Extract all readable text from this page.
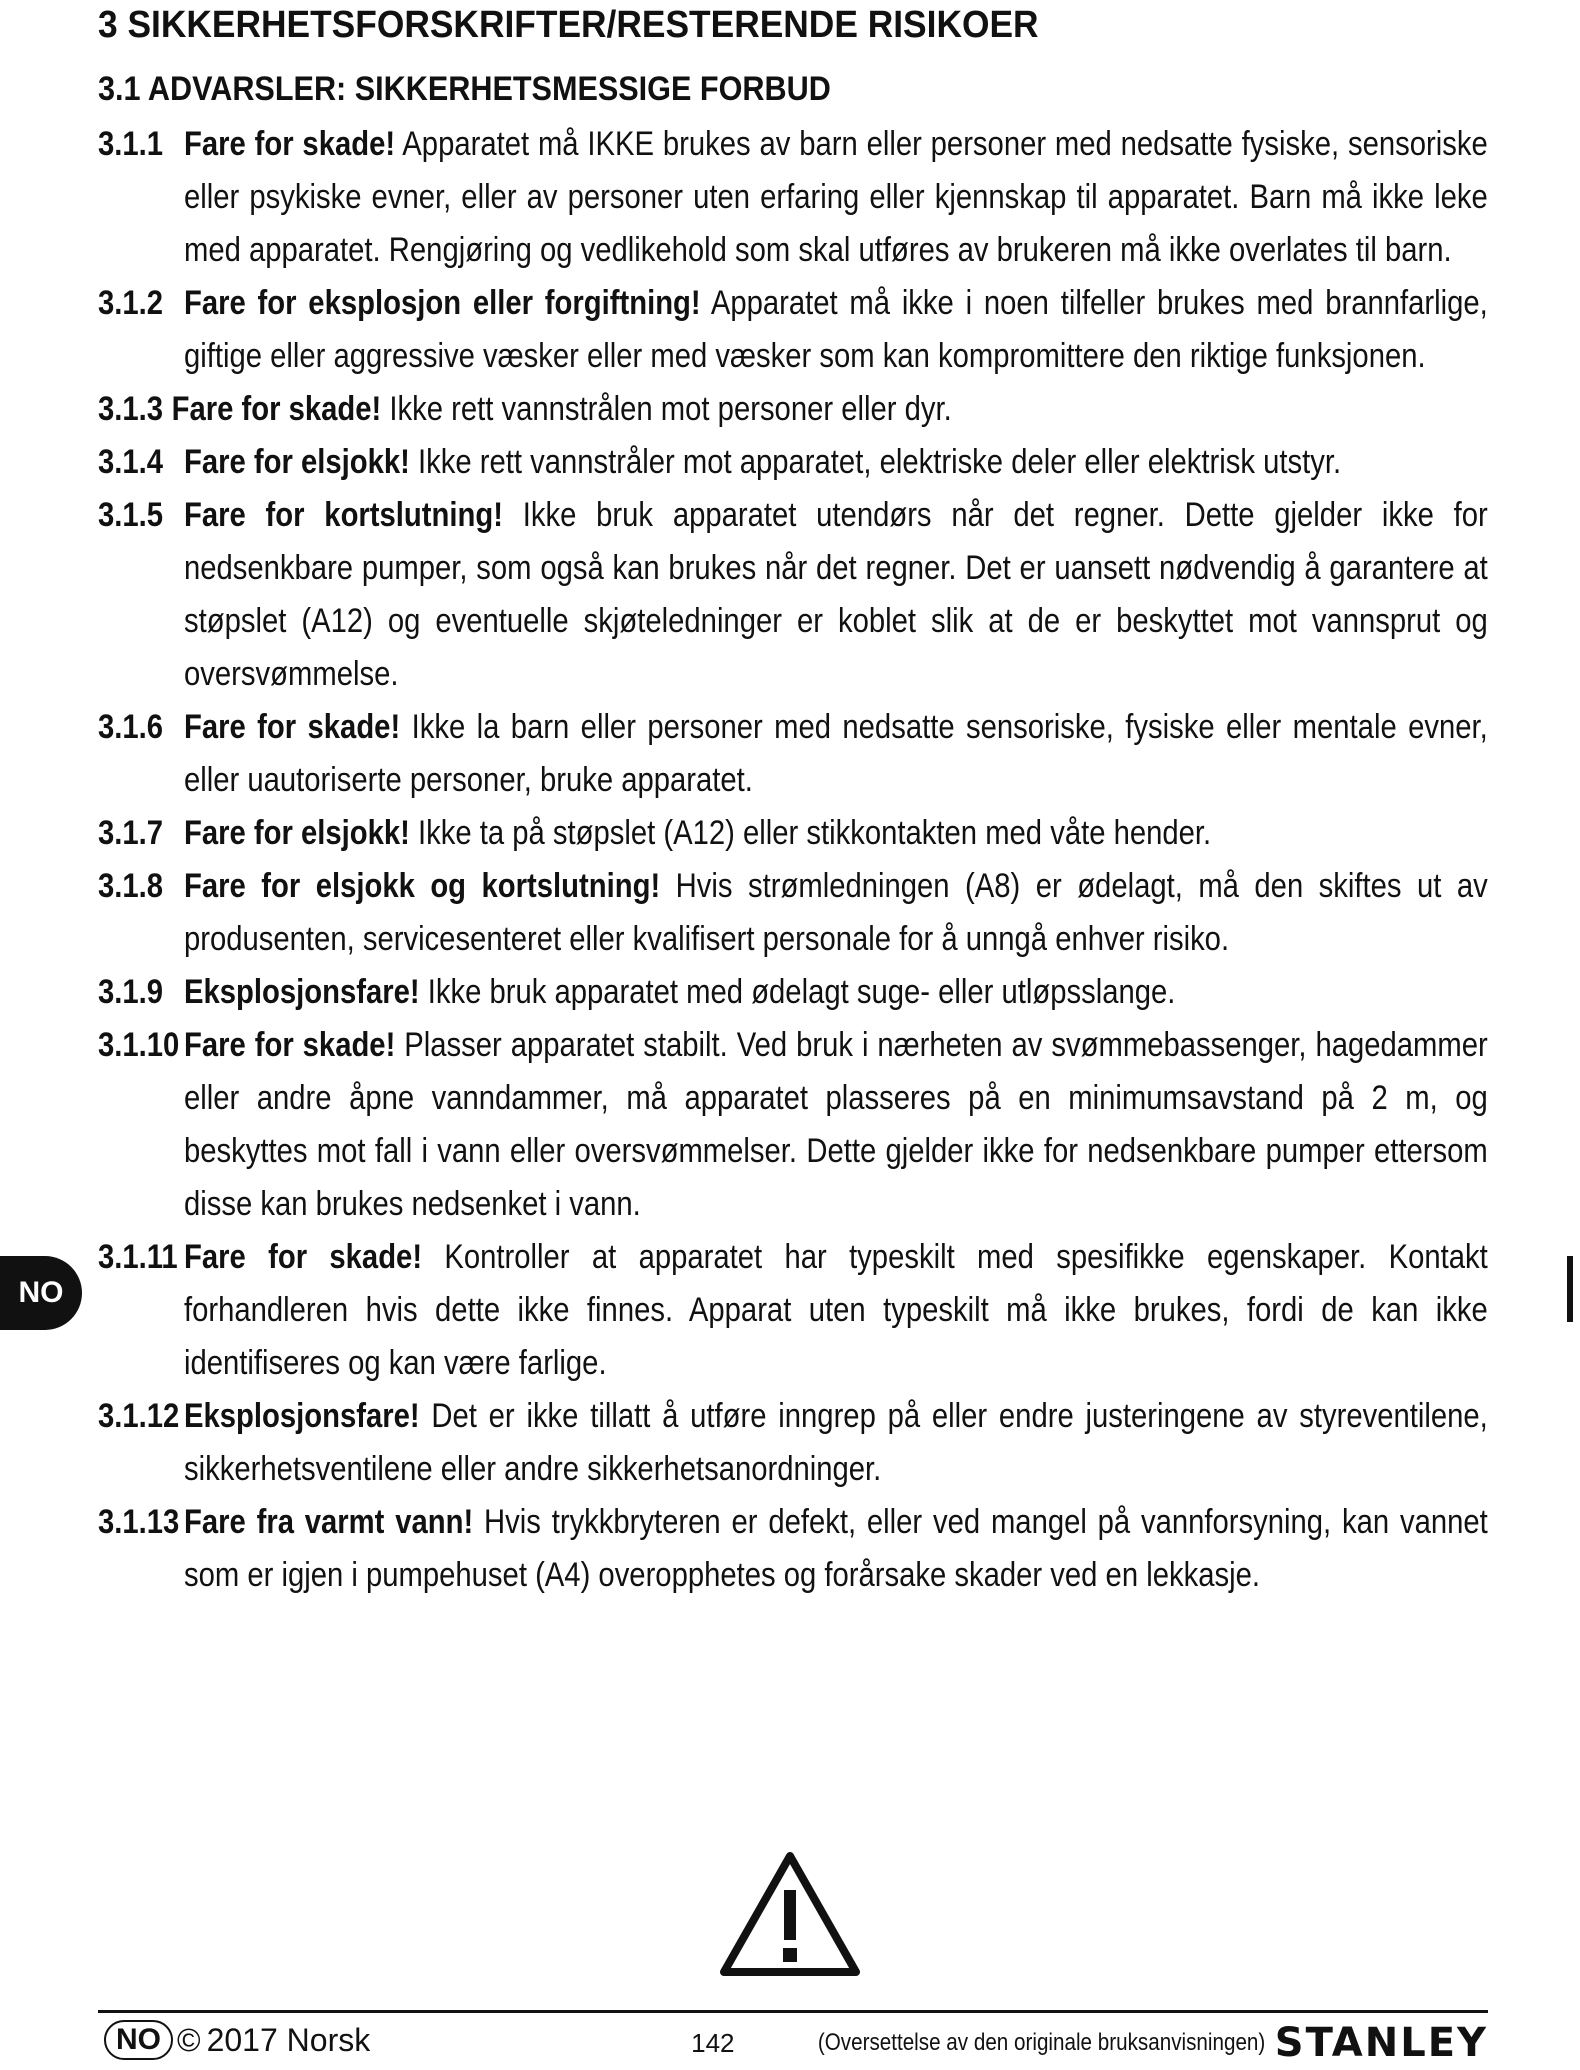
3 SIKKERHETSFORSKRIFTER/RESTERENDE RISIKOER
3.1 ADVARSLER: SIKKERHETSMESSIGE FORBUD
3.1.1 Fare for skade! Apparatet må IKKE brukes av barn eller personer med nedsatte fysiske, sensoriske eller psykiske evner, eller av personer uten erfaring eller kjennskap til apparatet. Barn må ikke leke med apparatet. Rengjøring og vedlikehold som skal utføres av brukeren må ikke overlates til barn.
3.1.2 Fare for eksplosjon eller forgiftning! Apparatet må ikke i noen tilfeller brukes med brannfarlige, giftige eller aggressive væsker eller med væsker som kan kompromittere den riktige funksjonen.
3.1.3 Fare for skade! Ikke rett vannstrålen mot personer eller dyr.
3.1.4 Fare for elsjokk! Ikke rett vannstråler mot apparatet, elektriske deler eller elektrisk utstyr.
3.1.5 Fare for kortslutning! Ikke bruk apparatet utendørs når det regner. Dette gjelder ikke for nedsenkbare pumper, som også kan brukes når det regner. Det er uansett nødvendig å garantere at støpslet (A12) og eventuelle skjøteledninger er koblet slik at de er beskyttet mot vannsprut og oversvømmelse.
3.1.6 Fare for skade! Ikke la barn eller personer med nedsatte sensoriske, fysiske eller mentale evner, eller uautoriserte personer, bruke apparatet.
3.1.7 Fare for elsjokk! Ikke ta på støpslet (A12) eller stikkontakten med våte hender.
3.1.8 Fare for elsjokk og kortslutning! Hvis strømledningen (A8) er ødelagt, må den skiftes ut av produsenten, servicesenteret eller kvalifisert personale for å unngå enhver risiko.
3.1.9 Eksplosjonsfare! Ikke bruk apparatet med ødelagt suge- eller utløpsslange.
3.1.10 Fare for skade! Plasser apparatet stabilt. Ved bruk i nærheten av svømmebassenger, hagedammer eller andre åpne vanndammer, må apparatet plasseres på en minimumsavstand på 2 m, og beskyttes mot fall i vann eller oversvømmelser. Dette gjelder ikke for nedsenkbare pumper ettersom disse kan brukes nedsenket i vann.
3.1.11 Fare for skade! Kontroller at apparatet har typeskilt med spesifikke egenskaper. Kontakt forhandleren hvis dette ikke finnes. Apparat uten typeskilt må ikke brukes, fordi de kan ikke identifiseres og kan være farlige.
3.1.12 Eksplosjonsfare! Det er ikke tillatt å utføre inngrep på eller endre justeringene av styreventilene, sikkerhetsventilene eller andre sikkerhetsanordninger.
3.1.13 Fare fra varmt vann! Hvis trykkbryteren er defekt, eller ved mangel på vannforsyning, kan vannet som er igjen i pumpehuset (A4) overopphetes og forårsake skader ved en lekkasje.
NO
NO © 2017 Norsk	142	(Oversettelse av den originale bruksanvisningen) STANLEY
